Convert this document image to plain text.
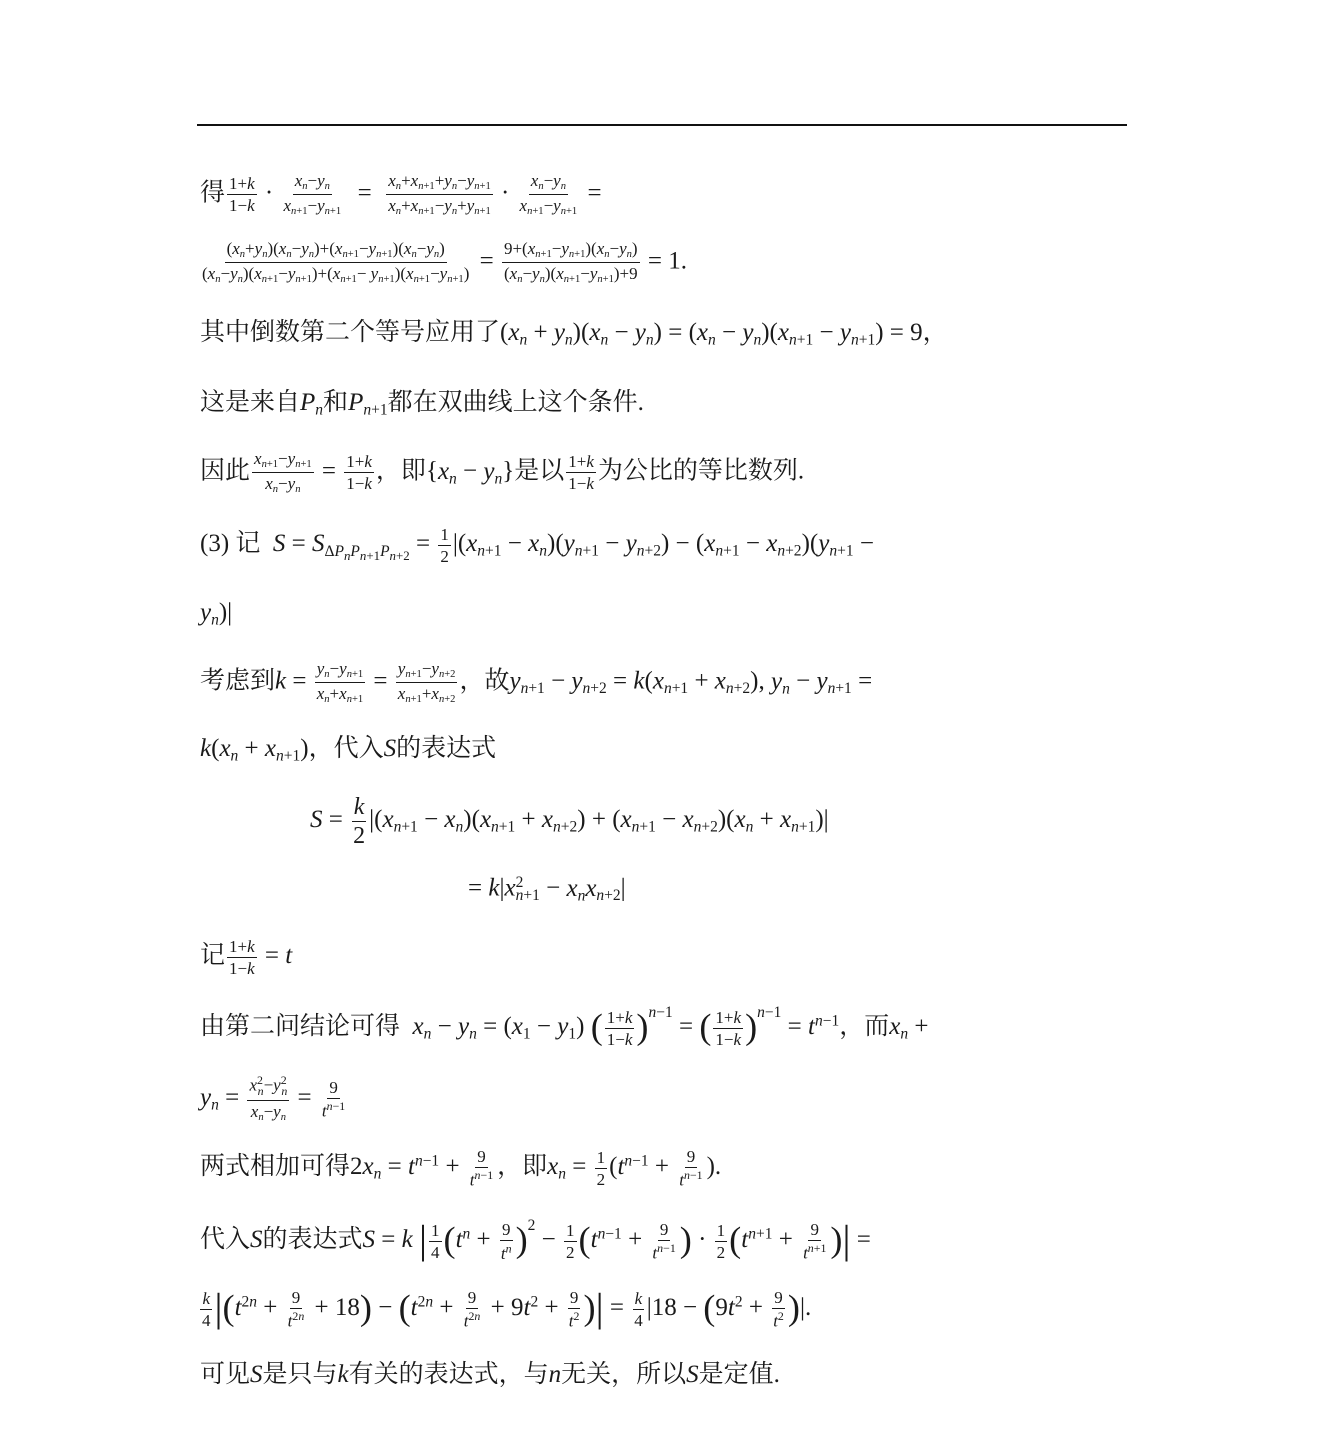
得 $\frac{1+k}{1-k} \cdot \frac{x_n-y_n}{x_{n+1}-y_{n+1}} = \frac{x_n+x_{n+1}+y_n-y_{n+1}}{x_n+x_{n+1}-y_n+y_{n+1}} \cdot \frac{x_n-y_n}{x_{n+1}-y_{n+1}}$ =
$\frac{(x_n+y_n)(x_n-y_n)+(x_{n+1}-y_{n+1})(x_n-y_n)}{(x_n-y_n)(x_{n+1}-y_{n+1})+(x_{n+1}- y_{n+1})(x_{n+1}-y_{n+1})} = \frac{9+(x_{n+1}-y_{n+1})(x_n-y_n)}{(x_n-y_n)(x_{n+1}-y_{n+1})+9} = 1$.
其中倒数第二个等号应用了$(x_n + y_n)(x_n - y_n) = (x_n - y_n)(x_{n+1} - y_{n+1}) = 9$，
这是来自$P_n$和$P_{n+1}$都在双曲线上这个条件.
因此 $\frac{x_{n+1}-y_{n+1}}{x_n-y_n} = \frac{1+k}{1-k}$ ，即$\{x_n - y_n\}$是以 $\frac{1+k}{1-k}$ 为公比的等比数列.
(3) 记 $S = S_{\Delta P_nP_{n+1}P_{n+2}} = \frac{1}{2} |(x_{n+1} - x_n)(y_{n+1} - y_{n+2}) - (x_{n+1} - x_{n+2})(y_{n+1}$ −
$y_n)|$
考虑到$k = \frac{y_n-y_{n+1}}{x_n+x_{n+1}} = \frac{y_{n+1}-y_{n+2}}{x_{n+1}+x_{n+2}}$ ，故$y_{n+1} - y_{n+2} = k(x_{n+1} + x_{n+2})$, $y_n - y_{n+1}$ =
$k(x_n + x_{n+1})$，代入S的表达式
$S = \frac{k}{2} |(x_{n+1} - x_n)(x_{n+1} + x_{n+2}) + (x_{n+1} - x_{n+2})(x_n + x_{n+1})|$
= $k|x^2_{n+1} - x_nx_{n+2}|$
记 $\frac{1+k}{1-k} = t$
由第二问结论可得 $x_n - y_n = (x_1 - y_1)$ ( $\frac{1+k}{1-k} )^{n-1}$ = ( $\frac{1+k}{1-k} )^{n-1} = t^{n-1}$，而$x_n$ +
$y_n = \frac{x^2_n-y^2_n}{x_n-y_n} = \frac{9}{t^{n-1}}$
两式相加可得$2x_n = t^{n-1} + \frac{9}{t^{n-1}}$ ，即$x_n = \frac{1}{2} (t^{n-1} + \frac{9}{t^{n-1}}$ ).
代入S的表达式S = k | $\frac{1}{4} (t^n + \frac{9}{t^n} )^2 - \frac{1}{2} (t^{n-1} + \frac{9}{t^{n-1}}$ ) · $\frac{1}{2} (t^{n+1} + \frac{9}{t^{n+1}}$ )| =
$\frac{k}{4} |(t^{2n} + \frac{9}{t^{2n}} + 18) - (t^{2n} + \frac{9}{t^{2n}} + 9t^2 + \frac{9}{t^2}$ )| = $\frac{k}{4} |18 - (9t^2 + \frac{9}{t^2}$ )|.
可见S是只与k有关的表达式，与n无关，所以S是定值.
